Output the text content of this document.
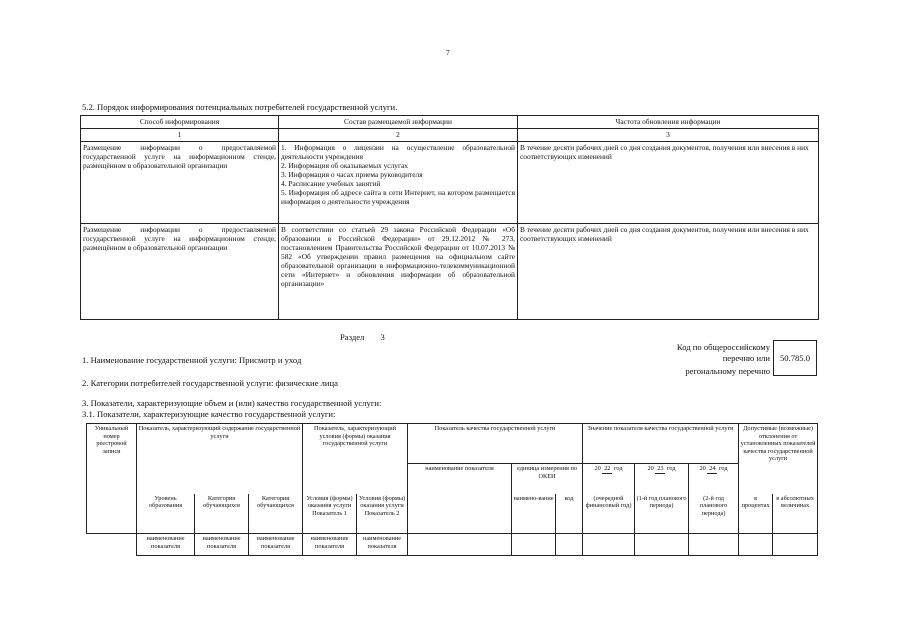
7
5.2. Порядок информирования потенциальных потребителей государственной услуги.
Способ информирования	Состав размещаемой информации	Частота обновления информации
1	2	3
Размещение информации о предоставляемой государственной услуге на информационном стенде, размещённом в образовательной организации	1. Информация о лицензии на осуществление образовательной деятельности учреждения
2. Информация об оказываемых услугах
3. Информация о часах приема руководителя
4. Расписание учебных занятий
5. Информация об адресе сайта в сети Интернет, на котором размещается информация о деятельности учреждения	В течение десяти рабочих дней со дня создания документов, получения или внесения в них соответствующих изменений
Размещение информации о предоставляемой государственной услуге на информационном стенде, размещённом в образовательной организации	В соответствии со статьей 29 закона Российской Федерации «Об образовании в Российской Федерации» от 29.12.2012 № 273, постановлением Правительства Российской Федерации от 10.07.2013 № 582 «Об утверждении правил размещения на официальном сайте образовательной организации в информационно-телекоммуникационной сети «Интернет» и обновления информации об образовательной организации»	В течение десяти рабочих дней со дня создания документов, получения или внесения в них соответствующих изменений
Раздел 3
1. Наименование государственной услуги: Присмотр и уход
Код по общероссийскому
перечню или
регональному перечню
50.785.0
2. Категории потребителей государственной услуги: физические лица
3. Показатели, характеризующие объем и (или) качество государственной услуги:
3.1. Показатели, характеризующие качество государственной услуги:
Уникальный номер реестровой записи	Показатель, характеризующий содержание государственной услуги			Показатель, характеризующий условия (формы) оказания государственной услуги		Показатель качества государственной услуги			Значение показателя качества государственной услуги			Допустимые (возможные) отклонения от установленных показателей качества государственной услуги	
						наименование показателя	единица измерения по ОКЕИ		20 22 год	20 23 год	20 24 год		
	Уровень образования	Категория обучающихся	Категория обучающихся	Условия (формы) оказания услуги Показатель 1	Условия (формы) оказания услуги Показатель 2		наимено-вание	код	(очередной финансовый год)	(1-й год планового периода)	(2-й год планового периода)	в процентах	в абсолютных величинах
	наименование показателя	наименование показателя	наименование показателя	наименование показателя	наименование показателя								
